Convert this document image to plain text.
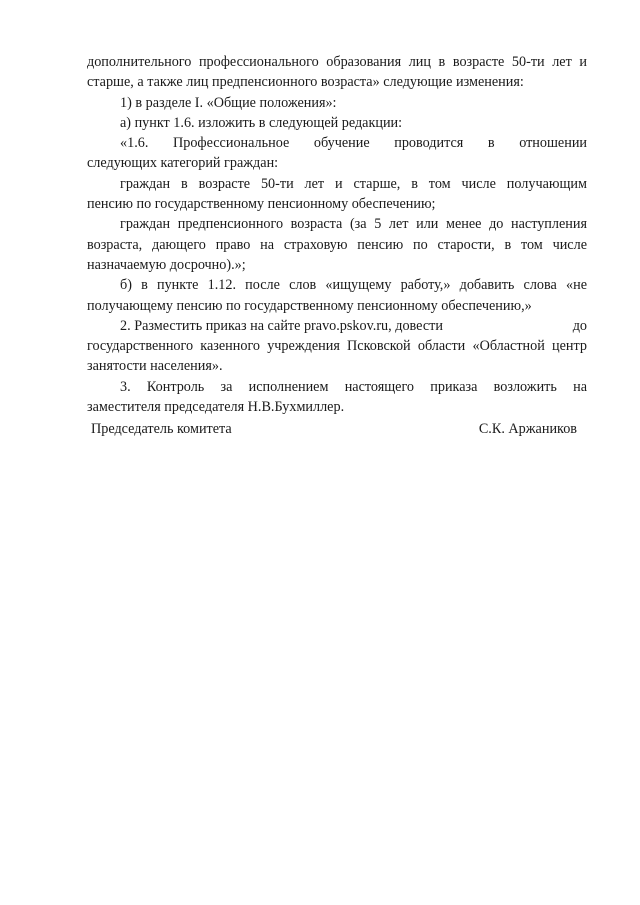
дополнительного профессионального образования лиц в возрасте 50-ти лет и
старше, а также лиц предпенсионного возраста» следующие изменения:
1) в разделе I. «Общие положения»:
а) пункт 1.6. изложить в следующей редакции:
«1.6. Профессиональное обучение проводится в отношении
следующих категорий граждан:
граждан в возрасте 50-ти лет и старше, в том числе получающим
пенсию по государственному пенсионному обеспечению;
граждан предпенсионного возраста (за 5 лет или менее до наступления
возраста, дающего право на страховую пенсию по старости, в том числе
назначаемую досрочно).»;
б) в пункте 1.12. после слов «ищущему работу,» добавить слова «не
получающему пенсию по государственному пенсионному обеспечению,»
2. Разместить приказ на сайте pravo.pskov.ru, довести	до
государственного казенного учреждения Псковской области «Областной центр
занятости населения».
3. Контроль за исполнением настоящего приказа возложить на
заместителя председателя Н.В.Бухмиллер.
Председатель комитета	С.К. Аржаников
